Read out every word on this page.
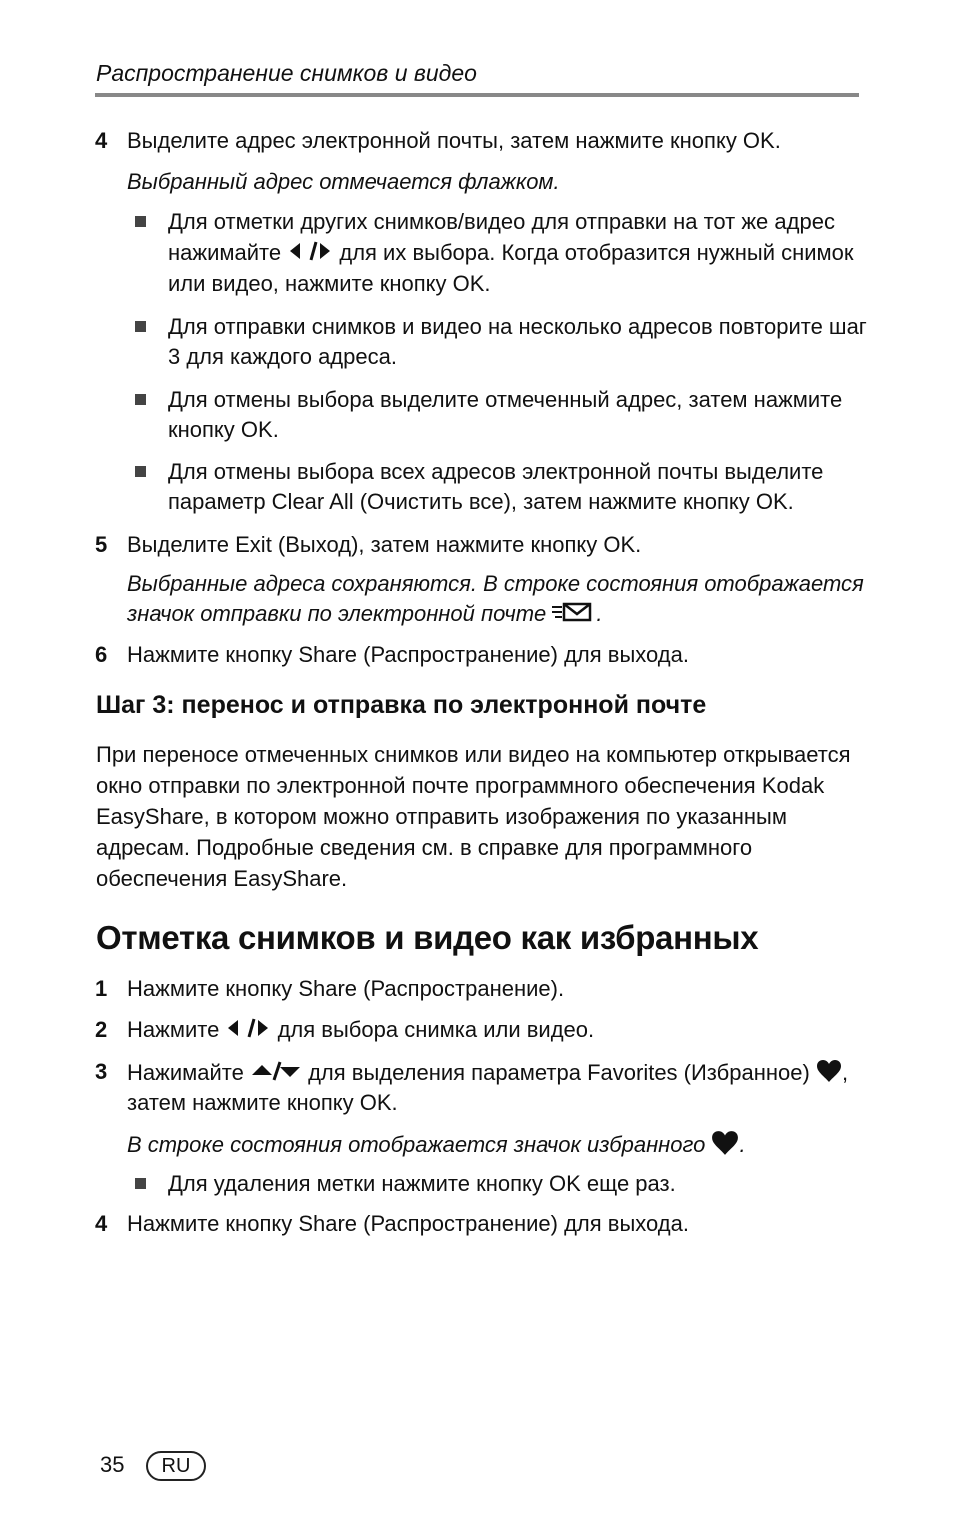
Распространение снимков и видео
4 Выделите адрес электронной почты, затем нажмите кнопку OK.
Выбранный адрес отмечается флажком.
Для отметки других снимков/видео для отправки на тот же адрес
нажимайте	для их выбора. Когда отобразится нужный снимок
или видео, нажмите кнопку OK.
Для отправки снимков и видео на несколько адресов повторите шаг
3 для каждого адреса.
Для отмены выбора выделите отмеченный адрес, затем нажмите
кнопку OK.
Для отмены выбора всех адресов электронной почты выделите
параметр Clear All (Очистить все), затем нажмите кнопку OK.
5 Выделите Exit (Выход), затем нажмите кнопку OK.
Выбранные адреса сохраняются. В строке состояния отображается
значок отправки по электронной почте .
6 Нажмите кнопку Share (Распространение) для выхода.
Шаг 3: перенос и отправка по электронной почте
При переносе отмеченных снимков или видео на компьютер открывается
окно отправки по электронной почте программного обеспечения Kodak
EasyShare, в котором можно отправить изображения по указанным
адресам. Подробные сведения см. в справке для программного
обеспечения EasyShare.
Отметка снимков и видео как избранных
1 Нажмите кнопку Share (Распространение).
2 Нажмите	для выбора снимка или видео.
3 Нажимайте	для выделения параметра Favorites (Избранное) ,
затем нажмите кнопку OK.
В строке состояния отображается значок избранного .
Для удаления метки нажмите кнопку OK еще раз.
4 Нажмите кнопку Share (Распространение) для выхода.
35	RU
